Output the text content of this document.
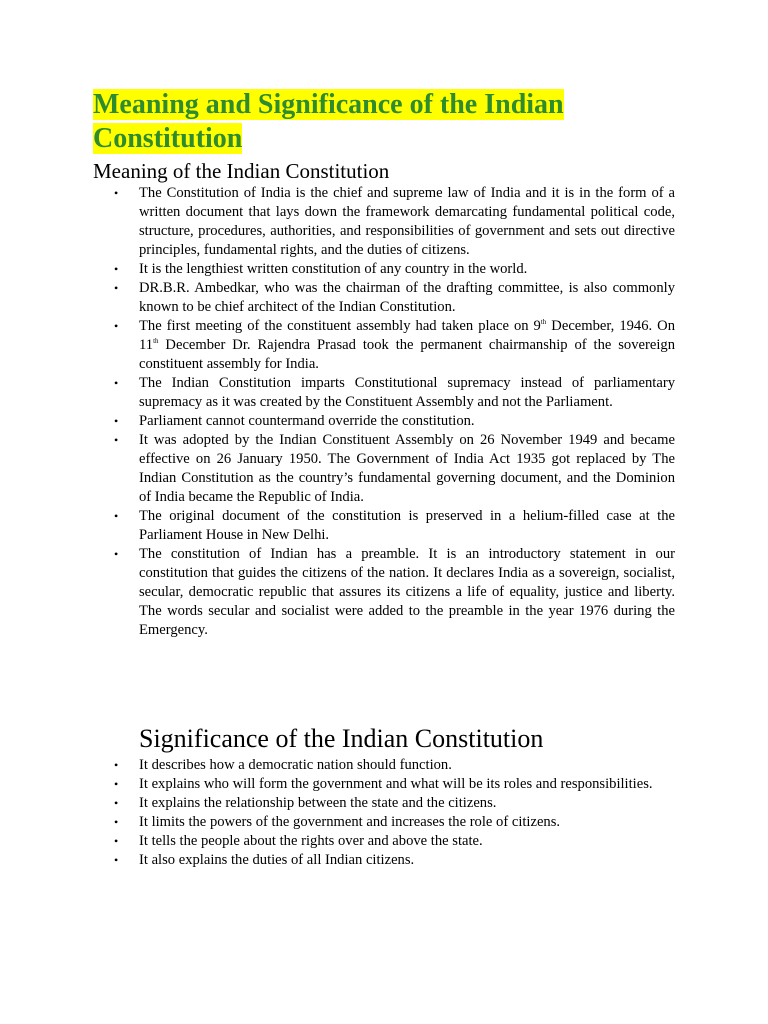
Meaning and Significance of the Indian Constitution
Meaning of the Indian Constitution
• The Constitution of India is the chief and supreme law of India and it is in the form of a written document that lays down the framework demarcating fundamental political code, structure, procedures, authorities, and responsibilities of government and sets out directive principles, fundamental rights, and the duties of citizens.
• It is the lengthiest written constitution of any country in the world.
• DR.B.R. Ambedkar, who was the chairman of the drafting committee, is also commonly known to be chief architect of the Indian Constitution.
• The first meeting of the constituent assembly had taken place on 9th December, 1946. On 11th December Dr. Rajendra Prasad took the permanent chairmanship of the sovereign constituent assembly for India.
• The Indian Constitution imparts Constitutional supremacy instead of parliamentary supremacy as it was created by the Constituent Assembly and not the Parliament.
• Parliament cannot countermand override the constitution.
• It was adopted by the Indian Constituent Assembly on 26 November 1949 and became effective on 26 January 1950. The Government of India Act 1935 got replaced by The Indian Constitution as the country’s fundamental governing document, and the Dominion of India became the Republic of India.
• The original document of the constitution is preserved in a helium-filled case at the Parliament House in New Delhi.
• The constitution of Indian has a preamble. It is an introductory statement in our constitution that guides the citizens of the nation. It declares India as a sovereign, socialist, secular, democratic republic that assures its citizens a life of equality, justice and liberty. The words secular and socialist were added to the preamble in the year 1976 during the Emergency.
Significance of the Indian Constitution
• It describes how a democratic nation should function.
• It explains who will form the government and what will be its roles and responsibilities.
• It explains the relationship between the state and the citizens.
• It limits the powers of the government and increases the role of citizens.
• It tells the people about the rights over and above the state.
• It also explains the duties of all Indian citizens.
